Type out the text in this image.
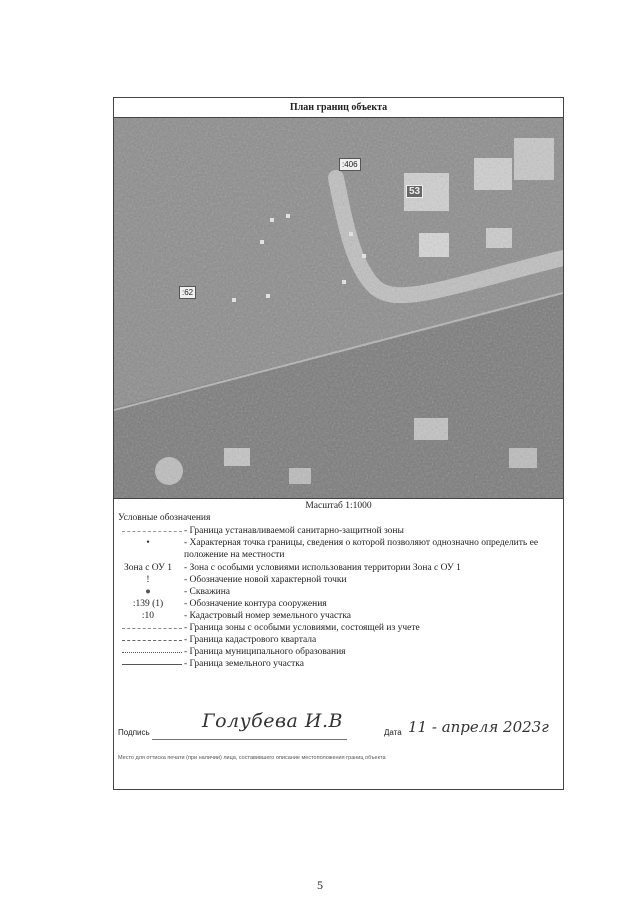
План границ объекта
:406
:62
53
Масштаб 1:1000
Условные обозначения
- Граница устанавливаемой санитарно-защитной зоны
•	- Характерная точка границы, сведения о которой позволяют однозначно определить ее положение на местности
Зона с ОУ 1	- Зона с особыми условиями использования территории Зона с ОУ 1
!	- Обозначение новой характерной точки
●	- Скважина
:139 (1)	- Обозначение контура сооружения
:10	- Кадастровый номер земельного участка
- Граница зоны с особыми условиями, состоящей из учете
- Граница кадастрового квартала
- Граница муниципального образования
- Граница земельного участка
Подпись
Голубева И.В
Дата 11 - апреля 2023г
Место для оттиска печати (при наличии) лица, составившего описание местоположения границ объекта
5
